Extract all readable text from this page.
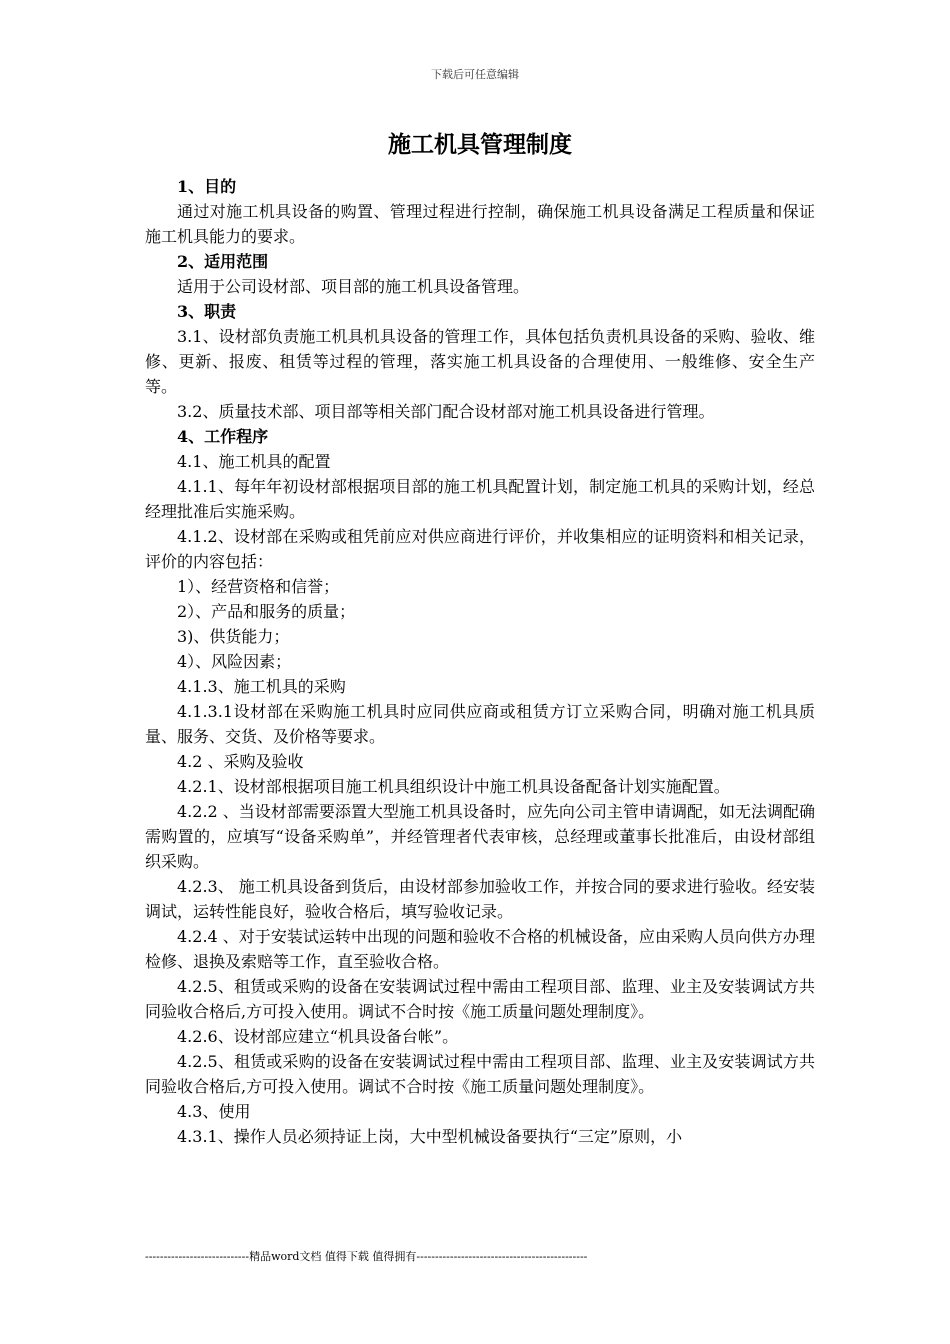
下载后可任意编辑
施工机具管理制度

1、目的

通过对施工机具设备的购置、管理过程进行控制，确保施工机具设备满足工程质量和保证施工机具能力的要求。

2、适用范围

适用于公司设材部、项目部的施工机具设备管理。

3、职责

3.1、设材部负责施工机具机具设备的管理工作，具体包括负责机具设备的采购、验收、维修、更新、报废、租赁等过程的管理，落实施工机具设备的合理使用、一般维修、安全生产等。

3.2、质量技术部、项目部等相关部门配合设材部对施工机具设备进行管理。

4、工作程序

4.1、施工机具的配置

4.1.1、每年年初设材部根据项目部的施工机具配置计划，制定施工机具的采购计划，经总经理批准后实施采购。

4.1.2、设材部在采购或租凭前应对供应商进行评价，并收集相应的证明资料和相关记录，评价的内容包括：

1）、经营资格和信誉；

2）、产品和服务的质量；

3)、供货能力；

4）、风险因素；

4.1.3、施工机具的采购

4.1.3.1设材部在采购施工机具时应同供应商或租赁方订立采购合同，明确对施工机具质量、服务、交货、及价格等要求。

4.2 、采购及验收

4.2.1、设材部根据项目施工机具组织设计中施工机具设备配备计划实施配置。

4.2.2 、当设材部需要添置大型施工机具设备时，应先向公司主管申请调配，如无法调配确需购置的，应填写“设备采购单”，并经管理者代表审核，总经理或董事长批准后，由设材部组织采购。

4.2.3、 施工机具设备到货后，由设材部参加验收工作，并按合同的要求进行验收。经安装调试，运转性能良好，验收合格后，填写验收记录。

4.2.4 、对于安装试运转中出现的问题和验收不合格的机械设备，应由采购人员向供方办理检修、退换及索赔等工作，直至验收合格。

4.2.5、租赁或采购的设备在安装调试过程中需由工程项目部、监理、业主及安装调试方共同验收合格后,方可投入使用。调试不合时按《施工质量问题处理制度》。

4.2.6、设材部应建立“机具设备台帐”。

4.2.5、租赁或采购的设备在安装调试过程中需由工程项目部、监理、业主及安装调试方共同验收合格后,方可投入使用。调试不合时按《施工质量问题处理制度》。

4.3、使用

4.3.1、操作人员必须持证上岗，大中型机械设备要执行“三定”原则，小

----------------------------精品word文档 值得下载 值得拥有----------------------------------------------
